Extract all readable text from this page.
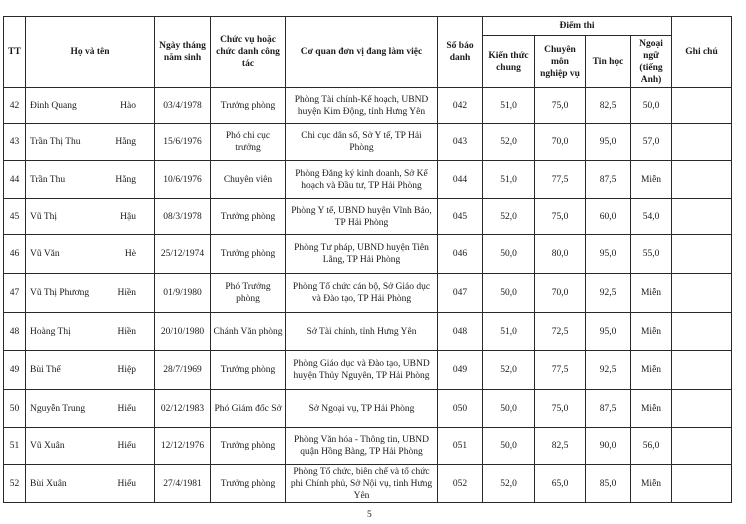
TT	Họ và tên	Ngày tháng năm sinh	Chức vụ hoặc chức danh công tác	Cơ quan đơn vị đang làm việc	Số báo danh	Điểm thi				Ghi chú
						Kiến thức chung	Chuyên môn nghiệp vụ	Tin học	Ngoại ngữ (tiếng Anh)	
42	Đinh Quang Hào	03/4/1978	Trưởng phòng	Phòng Tài chính-Kế hoạch, UBND huyện Kim Động, tỉnh Hưng Yên	042	51,0	75,0	82,5	50,0	
43	Trần Thị Thu Hằng	15/6/1976	Phó chi cục trưởng	Chi cục dân số, Sở Y tế, TP Hải Phòng	043	52,0	70,0	95,0	57,0	
44	Trần Thu Hằng	10/6/1976	Chuyên viên	Phòng Đăng ký kinh doanh, Sở Kế hoạch và Đầu tư, TP Hải Phòng	044	51,0	77,5	87,5	Miễn	
45	Vũ Thị Hậu	08/3/1978	Trưởng phòng	Phòng Y tế, UBND huyện Vĩnh Bảo, TP Hải Phòng	045	52,0	75,0	60,0	54,0	
46	Vũ Văn Hè	25/12/1974	Trưởng phòng	Phòng Tư pháp, UBND huyện Tiên Lãng, TP Hải Phòng	046	50,0	80,0	95,0	55,0	
47	Vũ Thị Phương Hiền	01/9/1980	Phó Trưởng phòng	Phòng Tổ chức cán bộ, Sở Giáo dục và Đào tạo, TP Hải Phòng	047	50,0	70,0	92,5	Miễn	
48	Hoàng Thị Hiền	20/10/1980	Chánh Văn phòng	Sở Tài chính, tỉnh Hưng Yên	048	51,0	72,5	95,0	Miễn	
49	Bùi Thế Hiệp	28/7/1969	Trưởng phòng	Phòng Giáo dục và Đào tạo, UBND huyện Thủy Nguyên, TP Hải Phòng	049	52,0	77,5	92,5	Miễn	
50	Nguyễn Trung Hiếu	02/12/1983	Phó Giám đốc Sở	Sở Ngoại vụ, TP Hải Phòng	050	50,0	75,0	87,5	Miễn	
51	Vũ Xuân Hiếu	12/12/1976	Trưởng phòng	Phòng Văn hóa - Thông tin, UBND quận Hồng Bàng, TP Hải Phòng	051	50,0	82,5	90,0	56,0	
52	Bùi Xuân Hiếu	27/4/1981	Trưởng phòng	Phòng Tổ chức, biên chế và tổ chức phi Chính phủ, Sở Nội vụ, tỉnh Hưng Yên	052	52,0	65,0	85,0	Miễn	
5
